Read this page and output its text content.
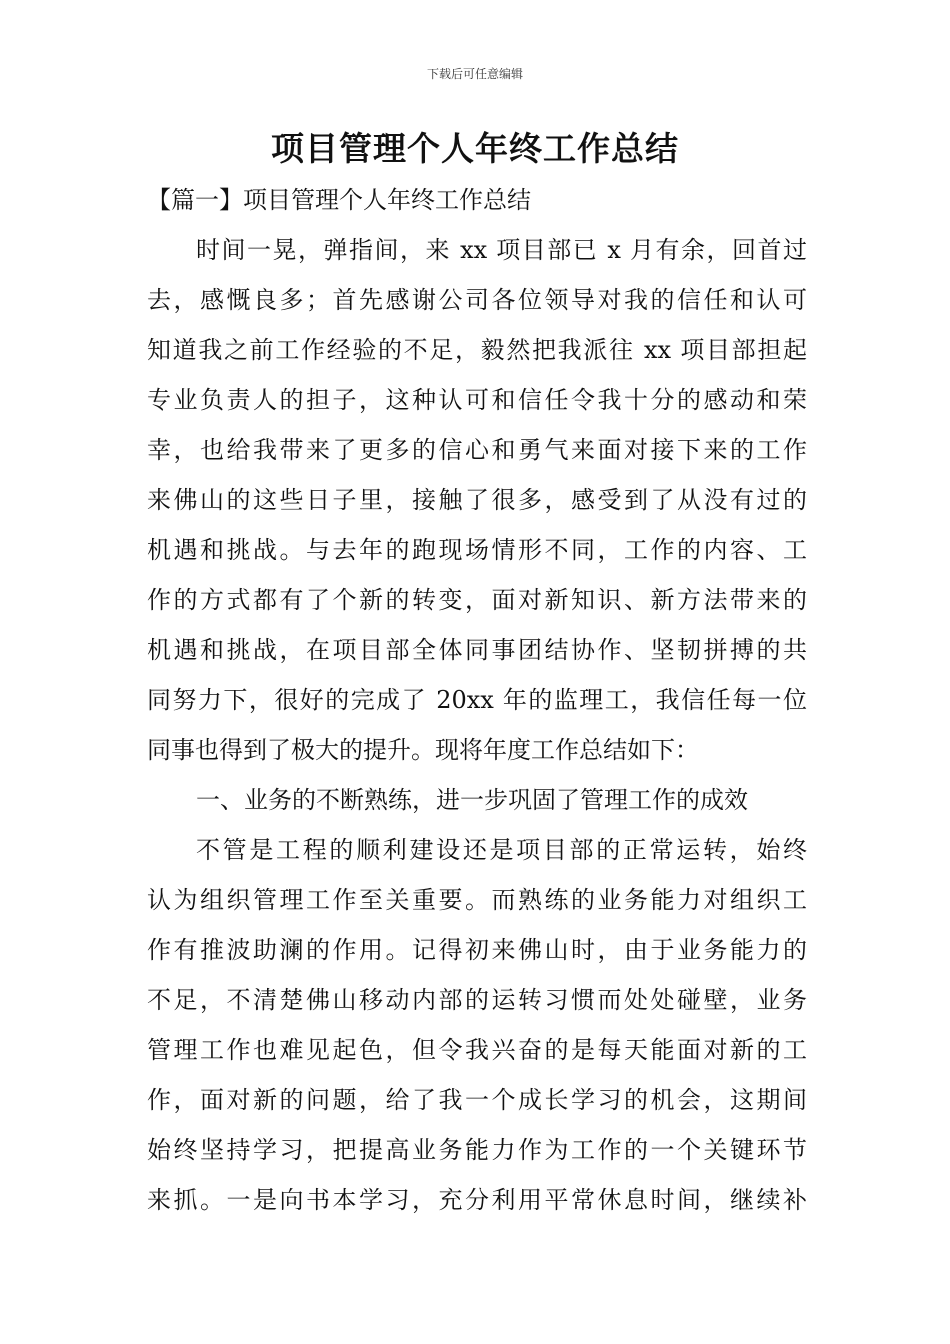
下载后可任意编辑
项目管理个人年终工作总结
【篇一】项目管理个人年终工作总结
时间一晃，弹指间，来 xx 项目部已 x 月有余，回首过
去，感慨良多；首先感谢公司各位领导对我的信任和认可
知道我之前工作经验的不足，毅然把我派往 xx 项目部担起
专业负责人的担子，这种认可和信任令我十分的感动和荣
幸，也给我带来了更多的信心和勇气来面对接下来的工作
来佛山的这些日子里，接触了很多，感受到了从没有过的
机遇和挑战。与去年的跑现场情形不同，工作的内容、工
作的方式都有了个新的转变，面对新知识、新方法带来的
机遇和挑战，在项目部全体同事团结协作、坚韧拼搏的共
同努力下，很好的完成了 20xx 年的监理工，我信任每一位
同事也得到了极大的提升。现将年度工作总结如下：
一、业务的不断熟练，进一步巩固了管理工作的成效
不管是工程的顺利建设还是项目部的正常运转，始终
认为组织管理工作至关重要。而熟练的业务能力对组织工
作有推波助澜的作用。记得初来佛山时，由于业务能力的
不足，不清楚佛山移动内部的运转习惯而处处碰壁，业务
管理工作也难见起色，但令我兴奋的是每天能面对新的工
作，面对新的问题，给了我一个成长学习的机会，这期间
始终坚持学习，把提高业务能力作为工作的一个关键环节
来抓。一是向书本学习，充分利用平常休息时间，继续补
